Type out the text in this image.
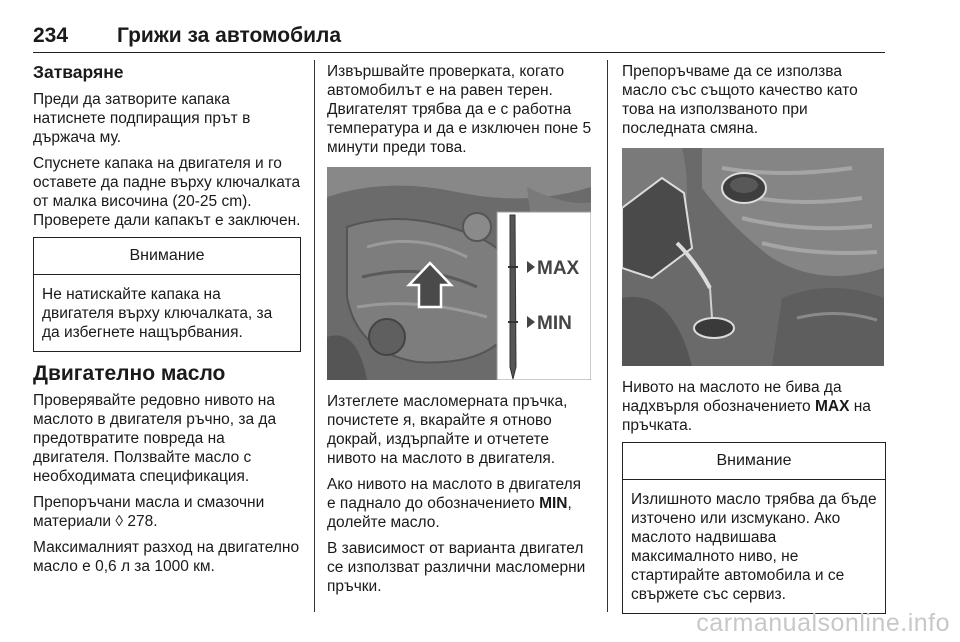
234 Грижи за автомобила
Затваряне

Преди да затворите капака натиснете подпиращия прът в държача му.

Спуснете капака на двигателя и го оставете да падне върху ключалката от малка височина (20-25 cm). Проверете дали капакът е заключен.

Внимание
Не натискайте капака на двигателя върху ключалката, за да избегнете нащърбвания.
Двигателно масло

Проверявайте редовно нивото на маслото в двигателя ръчно, за да предотвратите повреда на двигателя. Ползвайте масло с необходимата спецификация.

Препоръчани масла и смазочни материали ◊ 278.

Максималният разход на двигателно масло е 0,6 л за 1000 км.

Извършвайте проверката, когато автомобилът е на равен терен. Двигателят трябва да е с работна температура и да е изключен поне 5 минути преди това.

MAX
MIN

Изтеглете масломерната пръчка, почистете я, вкарайте я отново докрай, издърпайте и отчетете нивото на маслото в двигателя.

Ако нивото на маслото в двигателя е паднало до обозначението MIN, долейте масло.

В зависимост от варианта двигател се използват различни масломерни пръчки.

Препоръчваме да се използва масло със същото качество като това на използваното при последната смяна.

Нивото на маслото не бива да надхвърля обозначението MAX на пръчката.

Внимание
Излишното масло трябва да бъде източено или изсмукано. Ако маслото надвишава максималното ниво, не стартирайте автомобила и се свържете със сервиз.
carmanualsonline.info
